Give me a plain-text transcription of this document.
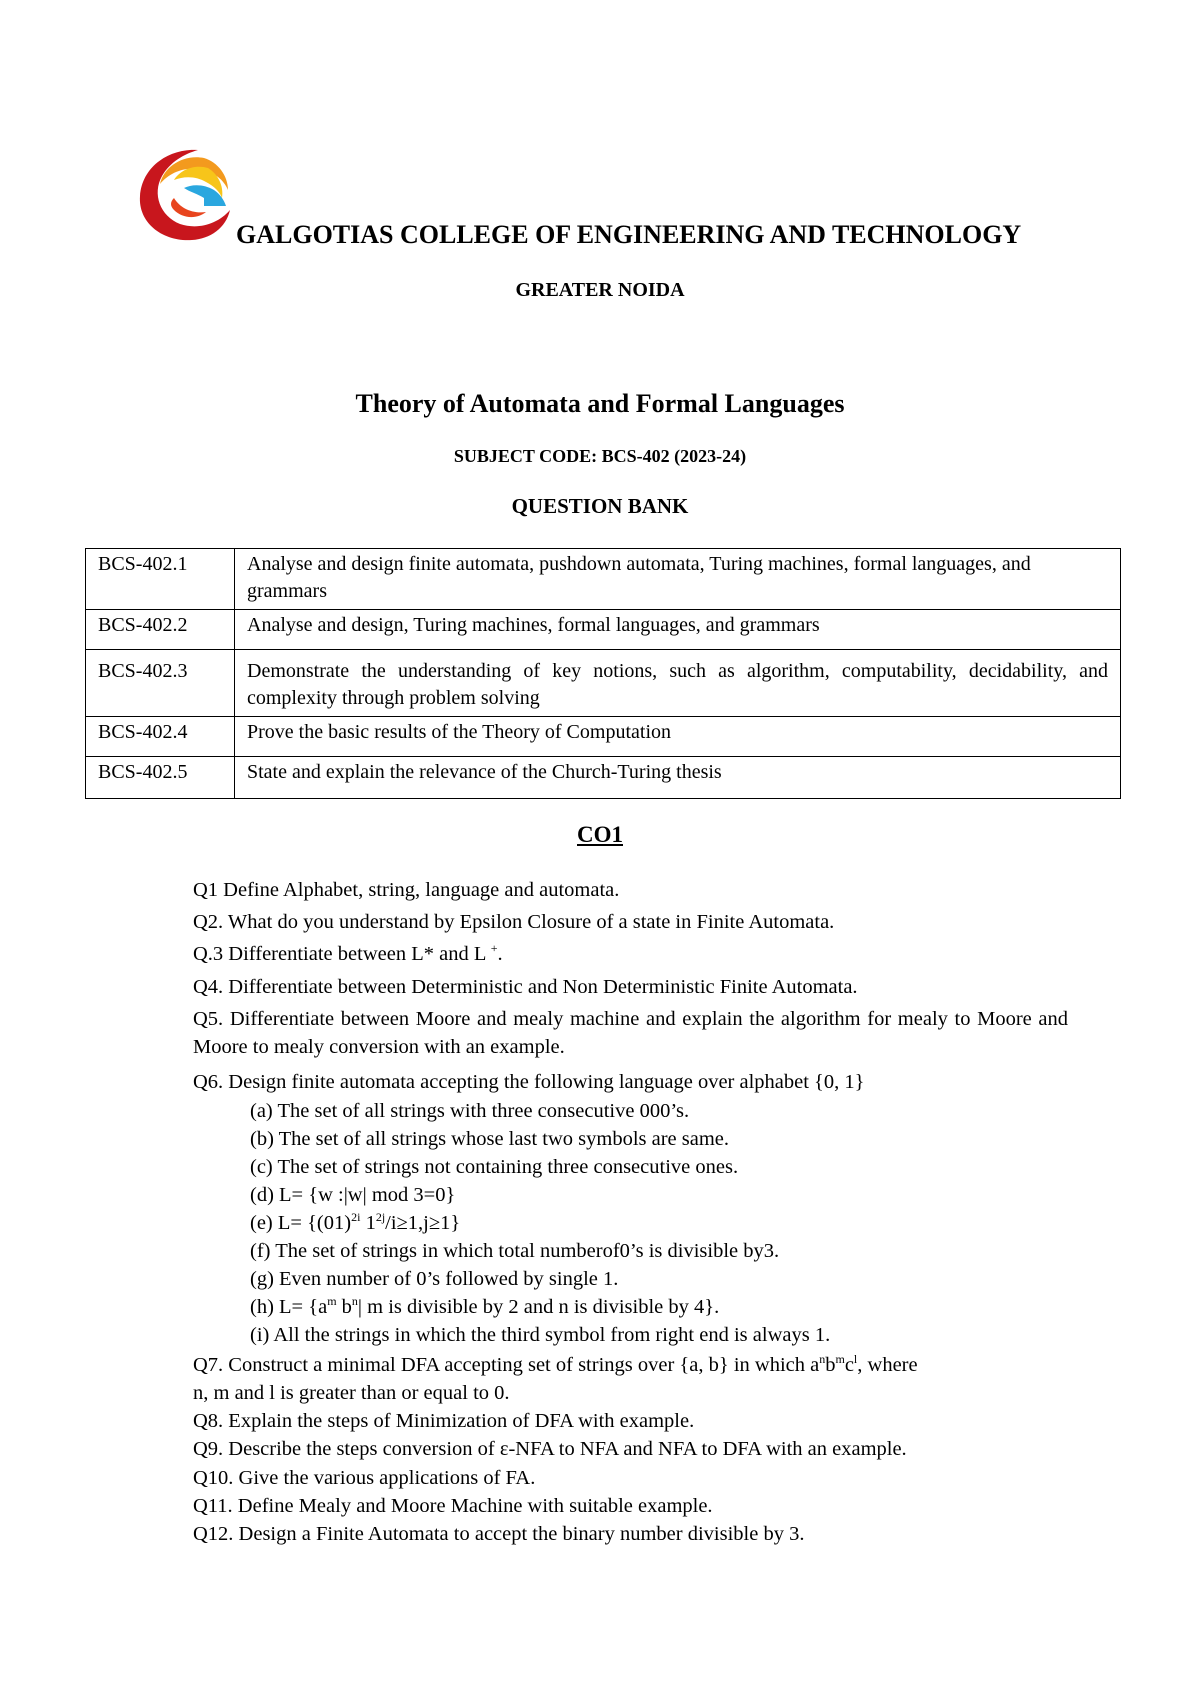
GALGOTIAS COLLEGE OF ENGINEERING AND TECHNOLOGY
GREATER NOIDA
Theory of Automata and Formal Languages
SUBJECT CODE: BCS-402 (2023-24)
QUESTION BANK
BCS-402.1	Analyse and design finite automata, pushdown automata, Turing machines, formal languages, and grammars
BCS-402.2	Analyse and design, Turing machines, formal languages, and grammars
BCS-402.3	Demonstrate the understanding of key notions, such as algorithm, computability, decidability, and complexity through problem solving
BCS-402.4	Prove the basic results of the Theory of Computation
BCS-402.5	State and explain the relevance of the Church-Turing thesis
CO1
Q1 Define Alphabet, string, language and automata.
Q2. What do you understand by Epsilon Closure of a state in Finite Automata.
Q.3 Differentiate between L* and L +.
Q4. Differentiate between Deterministic and Non Deterministic Finite Automata.
Q5. Differentiate between Moore and mealy machine and explain the algorithm for mealy to Moore and Moore to mealy conversion with an example.
Q6. Design finite automata accepting the following language over alphabet {0, 1}
(a) The set of all strings with three consecutive 000’s.
(b) The set of all strings whose last two symbols are same.
(c) The set of strings not containing three consecutive ones.
(d) L= {w :|w| mod 3=0}
(e) $L= \{(01)^{2i}$ $1^{2j}/i\ge 1,j\ge 1$}
(f) The set of strings in which total numberof0’s is divisible by3.
(g) Even number of 0’s followed by single 1.
(h) $L= \{a^m$ $b^n|$ m is divisible by 2 and n is divisible by 4}.
(i) All the strings in which the third symbol from right end is always 1.
Q7. Construct a minimal DFA accepting set of strings over {a, b} in which $a^nb^mc^l$, where
n, m and l is greater than or equal to 0.
Q8. Explain the steps of Minimization of DFA with example.
Q9. Describe the steps conversion of ε-NFA to NFA and NFA to DFA with an example.
Q10. Give the various applications of FA.
Q11. Define Mealy and Moore Machine with suitable example.
Q12. Design a Finite Automata to accept the binary number divisible by 3.
